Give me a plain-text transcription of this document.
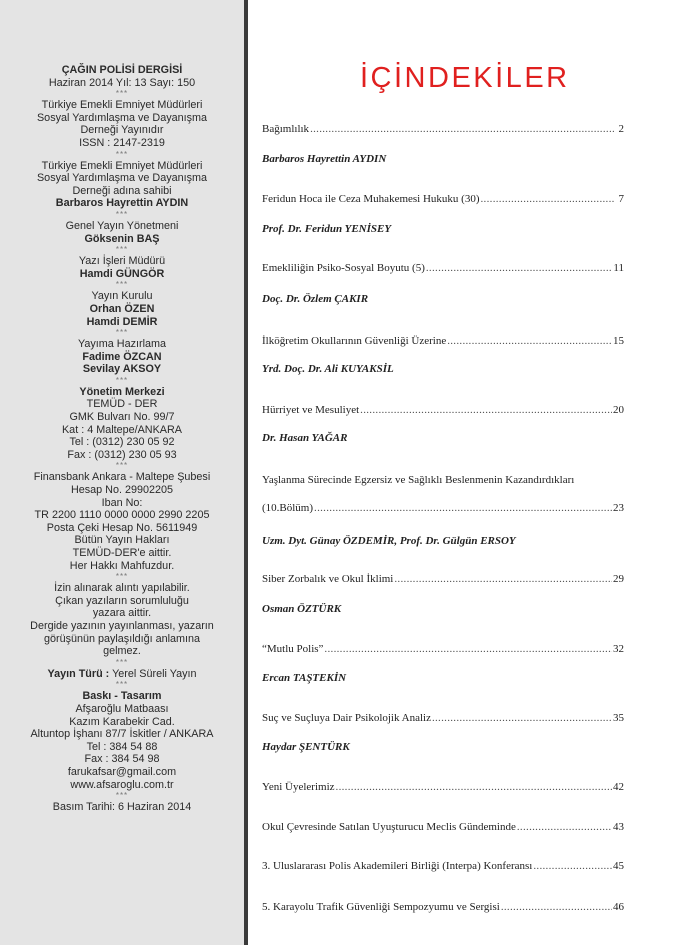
ÇAĞIN POLİSİ DERGİSİ
Haziran 2014 Yıl: 13 Sayı: 150
***
Türkiye Emekli Emniyet Müdürleri
Sosyal Yardımlaşma ve Dayanışma
Derneği Yayınıdır
ISSN : 2147-2319
***
Türkiye Emekli Emniyet Müdürleri
Sosyal Yardımlaşma ve Dayanışma
Derneği adına sahibi
Barbaros Hayrettin AYDIN
***
Genel Yayın Yönetmeni
Göksenin BAŞ
***
Yazı İşleri Müdürü
Hamdi GÜNGÖR
***
Yayın Kurulu
Orhan ÖZEN
Hamdi DEMİR
***
Yayıma Hazırlama
Fadime ÖZCAN
Sevilay AKSOY
***
Yönetim Merkezi
TEMÜD - DER
GMK Bulvarı No. 99/7
Kat : 4 Maltepe/ANKARA
Tel : (0312) 230 05 92
Fax : (0312) 230 05 93
***
Finansbank Ankara - Maltepe Şubesi
Hesap No. 29902205
Iban No:
TR 2200 1110 0000 0000 2990 2205
Posta Çeki Hesap No. 5611949
Bütün Yayın Hakları
TEMÜD-DER'e aittir.
Her Hakkı Mahfuzdur.
***
İzin alınarak alıntı yapılabilir.
Çıkan yazıların sorumluluğu
yazara aittir.
Dergide yazının yayınlanması, yazarın
görüşünün paylaşıldığı anlamına
gelmez.
***
Yayın Türü : Yerel Süreli Yayın
***
Baskı - Tasarım
Afşaroğlu Matbaası
Kazım Karabekir Cad.
Altuntop İşhanı 87/7 İskitler / ANKARA
Tel : 384 54 88
Fax : 384 54 98
farukafsar@gmail.com
www.afsaroglu.com.tr
***
Basım Tarihi: 6 Haziran 2014
İÇİNDEKİLER
Bağımlılık .....	2
Barbaros Hayrettin AYDIN
Feridun Hoca ile Ceza Muhakemesi Hukuku (30) .....	7
Prof. Dr. Feridun YENİSEY
Emekliliğin Psiko-Sosyal Boyutu (5) .....	11
Doç. Dr. Özlem ÇAKIR
İlköğretim Okullarının Güvenliği Üzerine .....	15
Yrd. Doç. Dr. Ali KUYAKSİL
Hürriyet ve Mesuliyet .....	20
Dr. Hasan YAĞAR
Yaşlanma Sürecinde Egzersiz ve Sağlıklı Beslenmenin Kazandırdıkları
(10.Bölüm) .....	23
Uzm. Dyt. Günay ÖZDEMİR, Prof. Dr. Gülgün ERSOY
Siber Zorbalık ve Okul İklimi .....	29
Osman ÖZTÜRK
“Mutlu Polis” .....	32
Ercan TAŞTEKİN
Suç ve Suçluya Dair Psikolojik Analiz .....	35
Haydar ŞENTÜRK
Yeni Üyelerimiz .....	42
Okul Çevresinde Satılan Uyuşturucu Meclis Gündeminde .....	43
3. Uluslararası Polis Akademileri Birliği (Interpa) Konferansı .....	45
5. Karayolu Trafik Güvenliği Sempozyumu ve Sergisi .....	46
